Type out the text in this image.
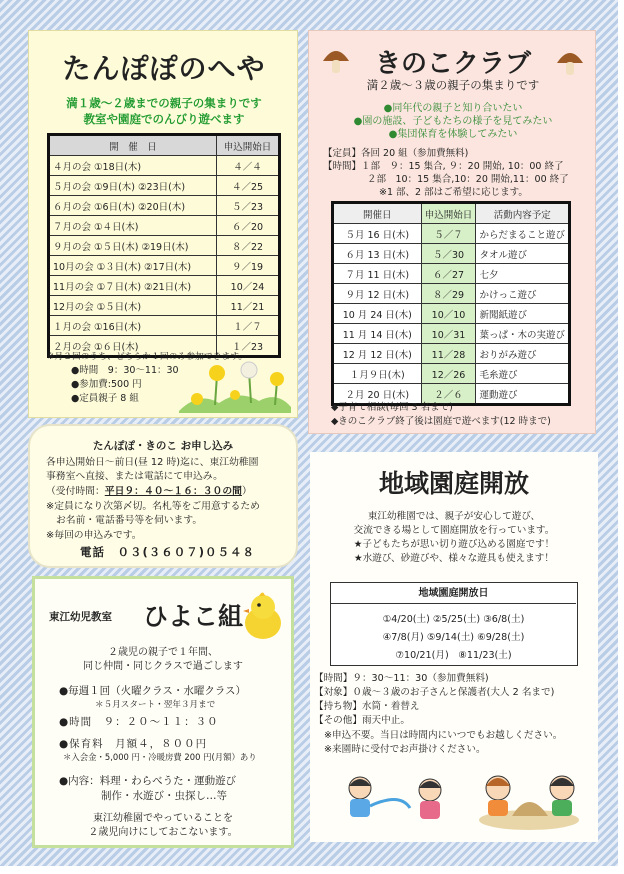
たんぽぽのへや
満１歳～２歳までの親子の集まりです
教室や園庭でのんびり遊べます
開　催　日	申込開始日
４月の会 ①18日(木)	４／４
５月の会 ①9日(木) ②23日(木)	４／25
６月の会 ①6日(木) ②20日(木)	５／23
７月の会 ①４日(木)	６／20
９月の会 ①５日(木) ②19日(木)	８／22
10月の会 ①３日(木) ②17日(木)	９／19
11月の会 ①７日(木) ②21日(木)	10／24
12月の会 ①５日(木)	11／21
１月の会 ①16日(木)	１／７
２月の会 ①６日(木)	１／23
※月２回のうち、どちらか１回のみ参加できます。
●時間　9：30～11：30
●参加費:500 円
●定員親子 8 組
きのこクラブ
満２歳～３歳の親子の集まりです
●同年代の親子と知り合いたい
●園の施設、子どもたちの様子を見てみたい
●集団保育を体験してみたい
【定員】各回 20 組（参加費無料)
【時間】１部　９：15 集合, ９：20 開始, 10：00 終了
２部　10：15 集合,10：20 開始,11：00 終了
※1 部、2 部はご希望に応じます。
開催日	申込開始日	活動内容予定
５月 16 日(木)	５／７	からだまること遊び
６月 13 日(木)	５／30	タオル遊び
７月 11 日(木)	６／27	七夕
９月 12 日(木)	８／29	かけっこ遊び
10 月 24 日(木)	10／10	新聞紙遊び
11 月 14 日(木)	10／31	葉っぱ・木の実遊び
12 月 12 日(木)	11／28	おりがみ遊び
１月９日(木)	12／26	毛糸遊び
２月 20 日(木)	２／６	運動遊び
◆子育て相談(毎回 3 名まで)
◆きのこクラブ終了後は園庭で遊べます(12 時まで)
たんぽぽ・きのこ お申し込み
各申込開始日～前日(昼 12 時)迄に、東江幼稚園
事務室へ直接、または電話にて申込み。
（受付時間：平日９：４０～１６：３０の間）
※定員になり次第〆切。名札等をご用意するため
お名前・電話番号等を伺います。
※毎回の申込みです。
電話　０３(３６０７)０５４８
東江幼児教室 ひよこ組
２歳児の親子で１年間、
同じ仲間・同じクラスで過ごします
●毎週１回（火曜クラス・水曜クラス）
＊５月スタート・翌年３月まで
●時間　９：２０～１１：３０
●保育料　月額４，８００円
＊入会金・5,000 円・冷暖房費 200 円(月額）あり
●内容：料理・わらべうた・運動遊び
制作・水遊び・虫探し…等
東江幼稚園でやっていることを
２歳児向けにしておこないます。
地域園庭開放
東江幼稚園では、親子が安心して遊び、
交流できる場として園庭開放を行っています。
★子どもたちが思い切り遊び込める園庭です！
★水遊び、砂遊びや、様々な遊具も使えます！
地域園庭開放日
①4/20(土) ②5/25(土) ③6/8(土)
④7/8(月) ⑤9/14(土) ⑥9/28(土)
⑦10/21(月)　⑧11/23(土)
【時間】９：30～11：30（参加費無料)
【対象】０歳～３歳のお子さんと保護者(大人 2 名まで)
【持ち物】水筒・着替え
【その他】雨天中止。
※申込不要。当日は時間内にいつでもお越しください。
※来園時に受付でお声掛けください。
